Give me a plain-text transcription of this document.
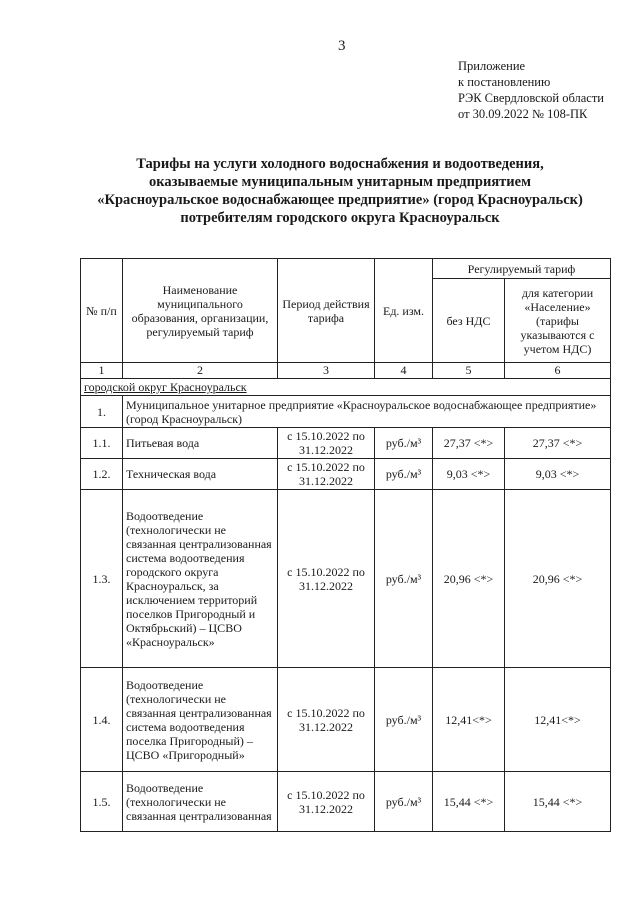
3
Приложение
к постановлению
РЭК Свердловской области
от 30.09.2022 № 108-ПК
Тарифы на услуги холодного водоснабжения и водоотведения,
оказываемые муниципальным унитарным предприятием
«Красноуральское водоснабжающее предприятие» (город Красноуральск)
потребителям городского округа Красноуральск
№ п/п	Наименование муниципального образования, организации, регулируемый тариф	Период действия тарифа	Ед. изм.	Регулируемый тариф	
				без НДС	для категории «Население» (тарифы указываются с учетом НДС)
1	2	3	4	5	6
городской округ Красноуральск					
1.	Муниципальное унитарное предприятие «Красноуральское водоснабжающее предприятие» (город Красноуральск)				
1.1.	Питьевая вода	с 15.10.2022 по 31.12.2022	руб./м³	27,37 <*>	27,37 <*>
1.2.	Техническая вода	с 15.10.2022 по 31.12.2022	руб./м³	9,03 <*>	9,03 <*>
1.3.	Водоотведение (технологически не связанная централизованная система водоотведения городского округа Красноуральск, за исключением территорий поселков Пригородный и Октябрьский) – ЦСВО «Красноуральск»	с 15.10.2022 по 31.12.2022	руб./м³	20,96 <*>	20,96 <*>
1.4.	Водоотведение (технологически не связанная централизованная система водоотведения поселка Пригородный) – ЦСВО «Пригородный»	с 15.10.2022 по 31.12.2022	руб./м³	12,41<*>	12,41<*>
1.5.	Водоотведение (технологически не связанная централизованная	с 15.10.2022 по 31.12.2022	руб./м³	15,44 <*>	15,44 <*>
